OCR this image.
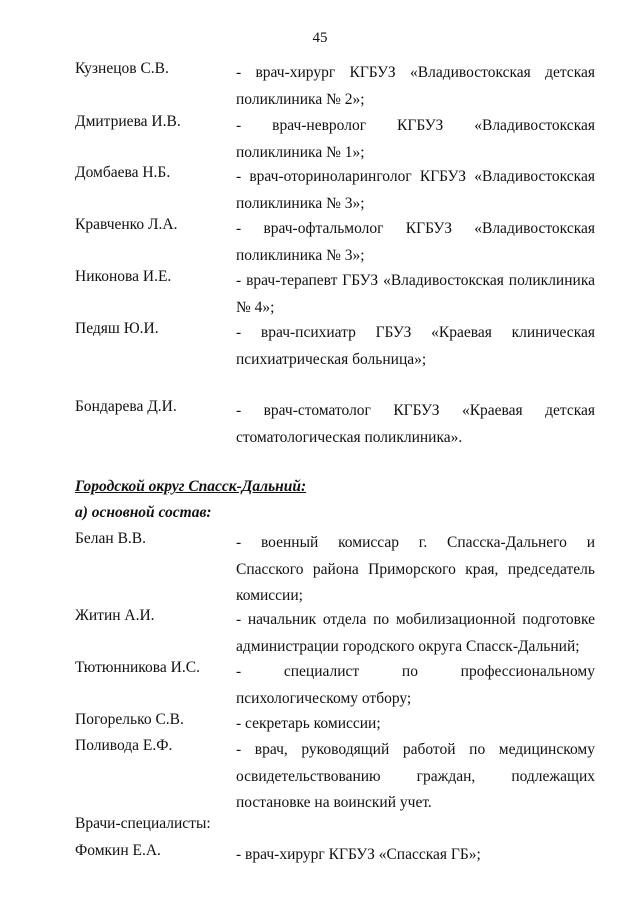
45
Кузнецов С.В.	- врач-хирург КГБУЗ «Владивостокская детская
поликлиника № 2»;
Дмитриева И.В.	- врач-невролог КГБУЗ «Владивостокская
поликлиника № 1»;
Домбаева Н.Б.	- врач-оториноларинголог КГБУЗ «Владивостокская
поликлиника № 3»;
Кравченко Л.А.	- врач-офтальмолог КГБУЗ «Владивостокская
поликлиника № 3»;
Никонова И.Е.	- врач-терапевт ГБУЗ «Владивостокская поликлиника
№ 4»;
Педяш Ю.И.	- врач-психиатр ГБУЗ «Краевая клиническая
психиатрическая больница»;
Бондарева Д.И.	- врач-стоматолог КГБУЗ «Краевая детская
стоматологическая поликлиника».
Городской округ Спасск-Дальний:
а) основной состав:
Белан В.В.	- военный комиссар г. Спасска-Дальнего и
Спасского района Приморского края, председатель
комиссии;
Житин А.И.	- начальник отдела по мобилизационной подготовке
администрации городского округа Спасск-Дальний;
Тютюнникова И.С. - специалист по профессиональному
психологическому отбору;
Погорелько С.В.	- секретарь комиссии;
Поливода Е.Ф.	- врач, руководящий работой по медицинскому
освидетельствованию граждан, подлежащих
постановке на воинский учет.
Врачи-специалисты:
Фомкин Е.А.	- врач-хирург КГБУЗ «Спасская ГБ»;
